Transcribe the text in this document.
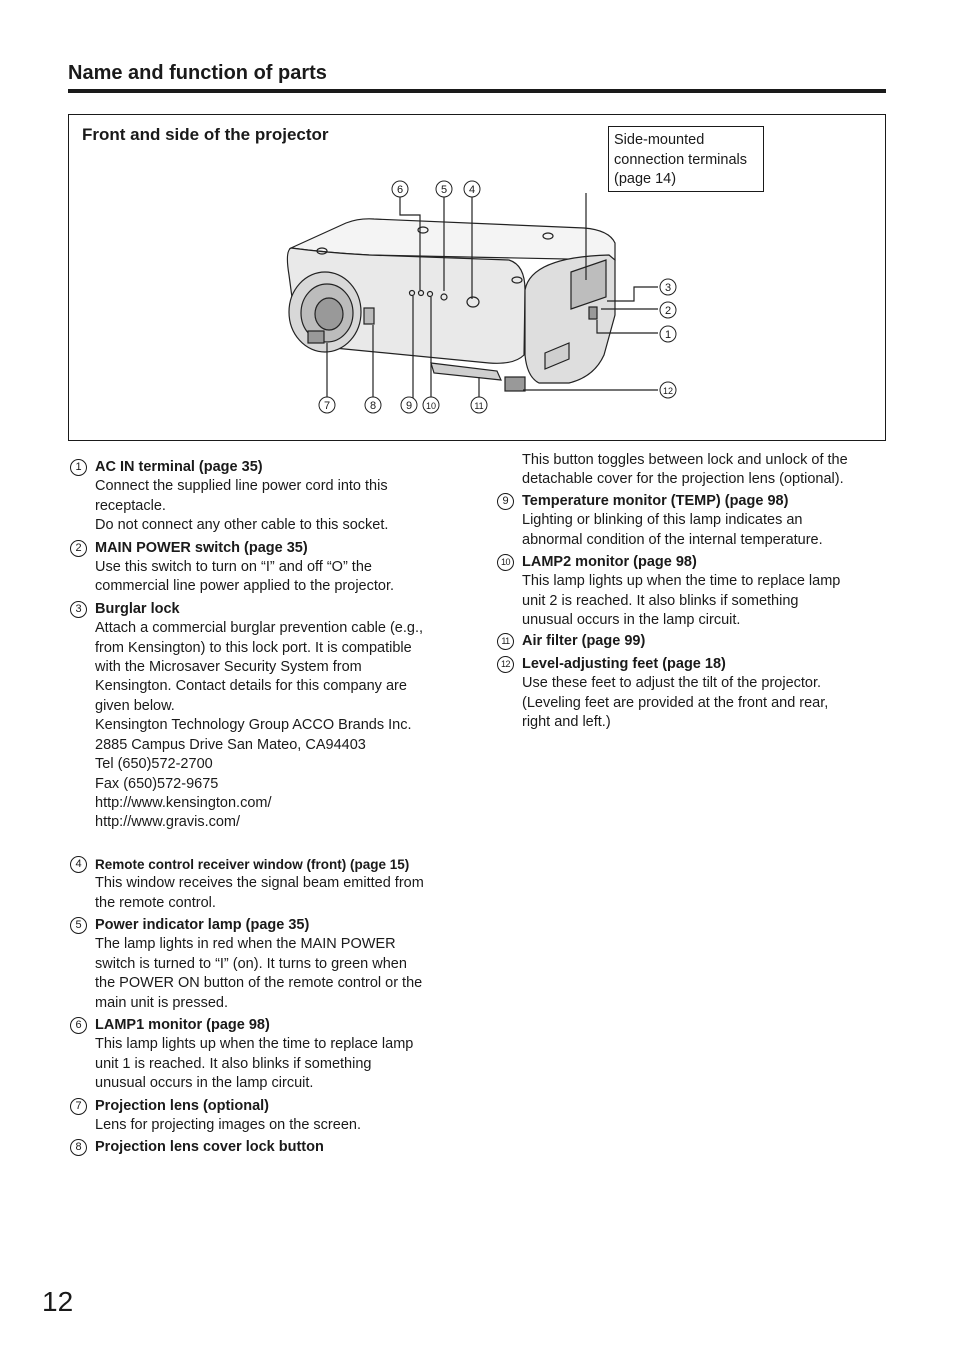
Name and function of parts
Front and side of the projector	Side-mounted
connection terminals
(page 14)
6	5 4
3
2
1
12
7	8	9 10	11
1 AC IN terminal (page 35)
Connect the supplied line power cord into this
receptacle.
Do not connect any other cable to this socket.
2 MAIN POWER switch (page 35)
Use this switch to turn on “I” and off “O” the
commercial line power applied to the projector.
3 Burglar lock
Attach a commercial burglar prevention cable (e.g.,
from Kensington) to this lock port. It is compatible
with the Microsaver Security System from
Kensington. Contact details for this company are
given below.
Kensington Technology Group ACCO Brands Inc.
2885 Campus Drive San Mateo, CA94403
Tel (650)572-2700
Fax (650)572-9675
http://www.kensington.com/
http://www.gravis.com/
4 Remote control receiver window (front) (page 15)
This window receives the signal beam emitted from
the remote control.
5 Power indicator lamp (page 35)
The lamp lights in red when the MAIN POWER
switch is turned to “I” (on). It turns to green when
the POWER ON button of the remote control or the
main unit is pressed.
6 LAMP1 monitor (page 98)
This lamp lights up when the time to replace lamp
unit 1 is reached. It also blinks if something
unusual occurs in the lamp circuit.
7 Projection lens (optional)
Lens for projecting images on the screen.
8 Projection lens cover lock button
This button toggles between lock and unlock of the
detachable cover for the projection lens (optional).
9 Temperature monitor (TEMP) (page 98)
Lighting or blinking of this lamp indicates an
abnormal condition of the internal temperature.
10 LAMP2 monitor (page 98)
This lamp lights up when the time to replace lamp
unit 2 is reached. It also blinks if something
unusual occurs in the lamp circuit.
11 Air filter (page 99)
12 Level-adjusting feet (page 18)
Use these feet to adjust the tilt of the projector.
(Leveling feet are provided at the front and rear,
right and left.)
12
